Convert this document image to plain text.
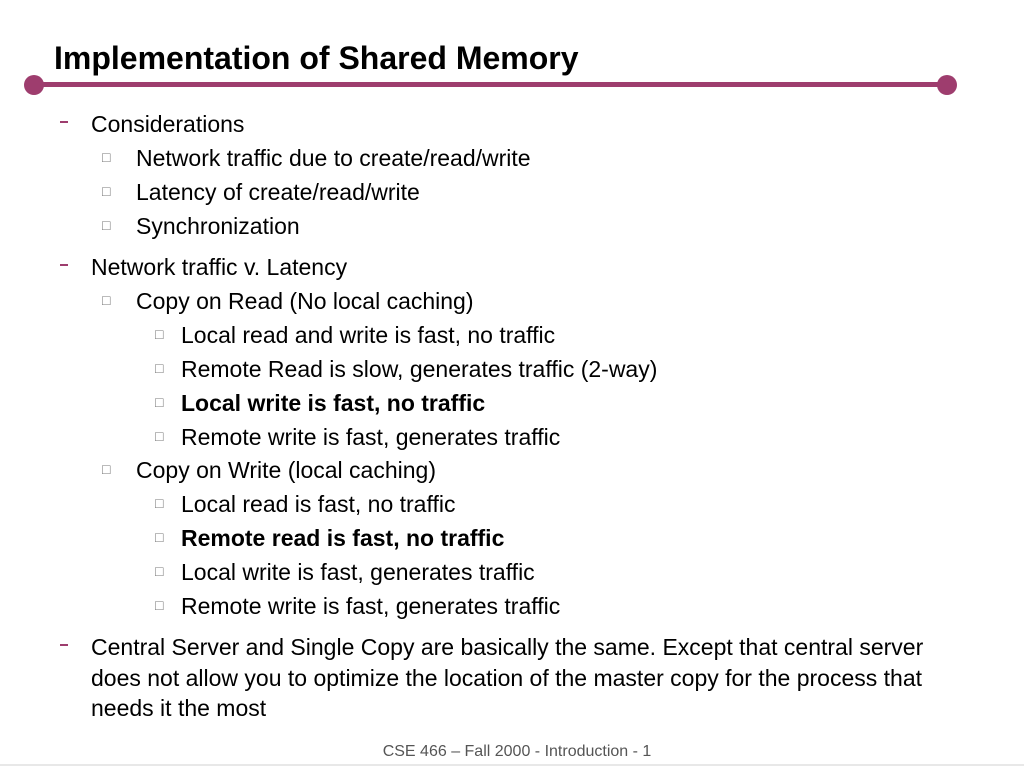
Implementation of Shared Memory
Considerations
□ Network traffic due to create/read/write
□ Latency of create/read/write
□ Synchronization
Network traffic v. Latency
□ Copy on Read (No local caching)
□ Local read and write is fast, no traffic
□ Remote Read is slow, generates traffic (2-way)
□ Local write is fast, no traffic
□ Remote write is fast, generates traffic
□ Copy on Write (local caching)
□ Local read is fast, no traffic
□ Remote read is fast, no traffic
□ Local write is fast, generates traffic
□ Remote write is fast, generates traffic
Central Server and Single Copy are basically the same. Except that central server does not allow you to optimize the location of the master copy for the process that needs it the most
CSE 466 – Fall 2000 - Introduction - 1
